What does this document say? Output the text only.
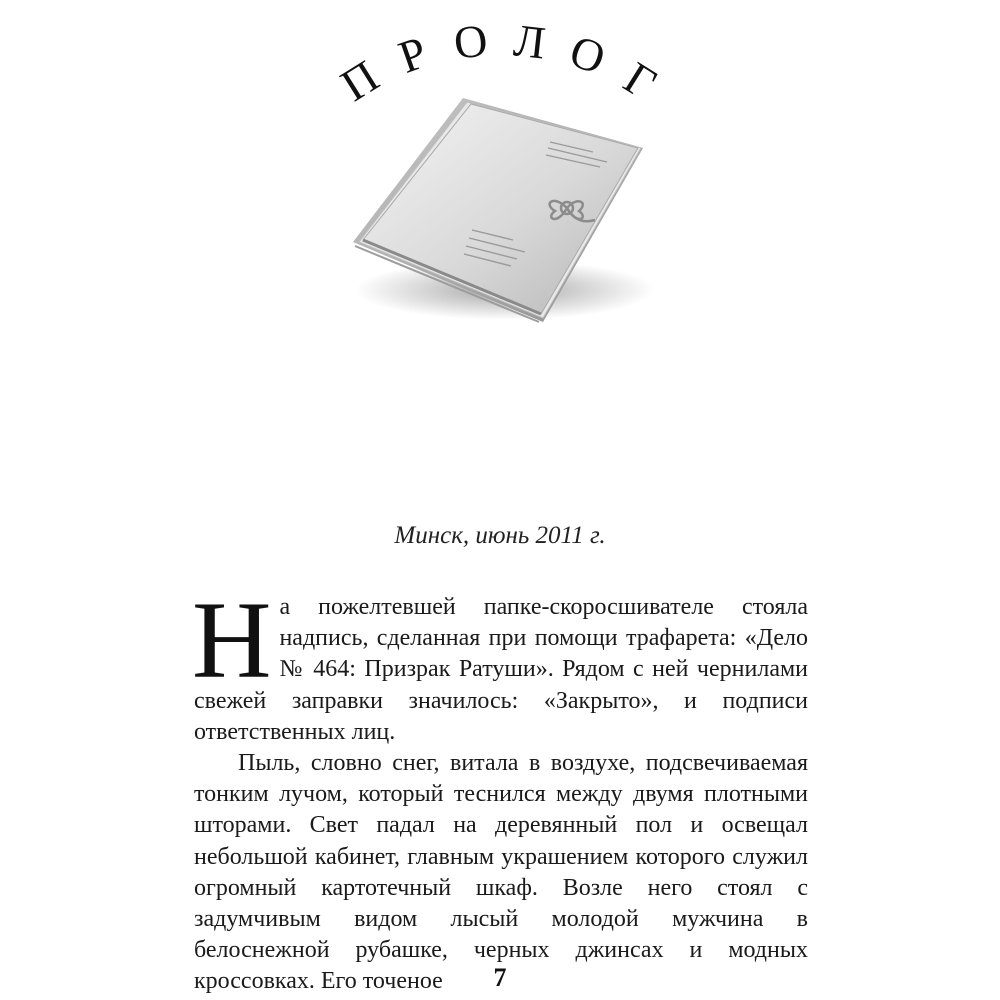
П Р О Л О Г
Минск, июнь 2011 г.

На пожелтевшей папке-скоросшивателе стояла надпись, сделанная при помощи трафарета: «Дело № 464: Призрак Ратуши». Рядом с ней чернилами свежей заправки значилось: «Закрыто», и подписи ответственных лиц.

Пыль, словно снег, витала в воздухе, подсвечиваемая тонким лучом, который теснился между двумя плотными шторами. Свет падал на деревянный пол и освещал небольшой кабинет, главным украшением которого служил огромный картотечный шкаф. Возле него стоял с задумчивым видом лысый молодой мужчина в белоснежной рубашке, черных джинсах и модных кроссовках. Его точеное	7
